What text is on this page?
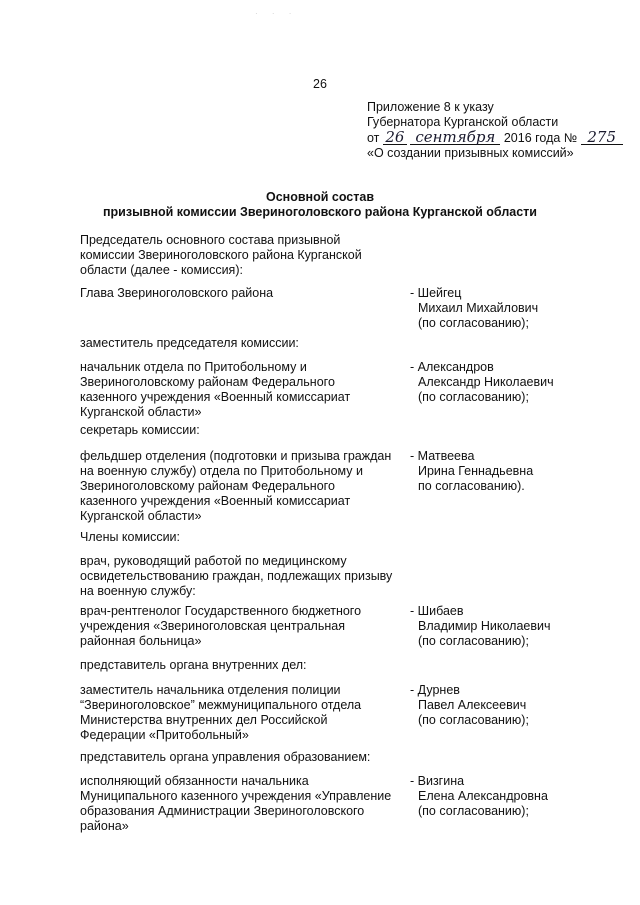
· · ·
26
Приложение 8 к указу
Губернатора Курганской области
от 26 сентября 2016 года № 275
«О создании призывных комиссий»
Основной состав
призывной комиссии Звериноголовского района Курганской области
Председатель основного состава призывной
комиссии Звериноголовского района Курганской
области (далее - комиссия):
Глава Звериноголовского района	- Шейгец
Михаил Михайлович
(по согласованию);
заместитель председателя комиссии:
начальник отдела по Притобольному и
Звериноголовскому районам Федерального
казенного учреждения «Военный комиссариат
Курганской области»
- Александров
Александр Николаевич
(по согласованию);
секретарь комиссии:
фельдшер отделения (подготовки и призыва граждан
на военную службу) отдела по Притобольному и
Звериноголовскому районам Федерального
казенного учреждения «Военный комиссариат
Курганской области»
- Матвеева
Ирина Геннадьевна
по согласованию).
Члены комиссии:
врач, руководящий работой по медицинскому
освидетельствованию граждан, подлежащих призыву
на военную службу:
врач-рентгенолог Государственного бюджетного
учреждения «Звериноголовская центральная
районная больница»
- Шибаев
Владимир Николаевич
(по согласованию);
представитель органа внутренних дел:
заместитель начальника отделения полиции
“Звериноголовское” межмуниципального отдела
Министерства внутренних дел Российской
Федерации «Притобольный»
- Дурнев
Павел Алексеевич
(по согласованию);
представитель органа управления образованием:
исполняющий обязанности начальника
Муниципального казенного учреждения «Управление
образования Администрации Звериноголовского
района»
- Визгина
Елена Александровна
(по согласованию);
